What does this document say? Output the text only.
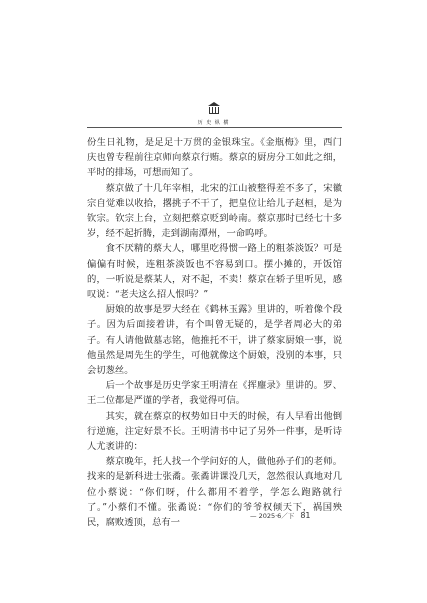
历 史 纵 横

份生日礼物，是足足十万贯的金银珠宝。《金瓶梅》里，西门庆也曾专程前往京师向蔡京行贿。蔡京的厨房分工如此之细，平时的排场，可想而知了。

蔡京做了十几年宰相，北宋的江山被整得差不多了，宋徽宗自觉难以收拾，撂挑子不干了，把皇位让给儿子赵桓，是为钦宗。钦宗上台，立刻把蔡京贬到岭南。蔡京那时已经七十多岁，经不起折腾，走到湖南潭州，一命呜呼。

食不厌精的蔡大人，哪里吃得惯一路上的粗茶淡饭？可是偏偏有时候，连粗茶淡饭也不容易到口。摆小摊的，开饭馆的，一听说是蔡某人，对不起，不卖！蔡京在轿子里听见，感叹说：“老夫这么招人恨吗？”

厨娘的故事是罗大经在《鹤林玉露》里讲的，听着像个段子。因为后面接着讲，有个叫曾无疑的，是学者周必大的弟子。有人请他做墓志铭，他推托不干，讲了蔡家厨娘一事，说他虽然是周先生的学生，可他就像这个厨娘，没别的本事，只会切葱丝。

后一个故事是历史学家王明清在《挥麈录》里讲的。罗、王二位都是严谨的学者，我觉得可信。

其实，就在蔡京的权势如日中天的时候，有人早看出他倒行逆施，注定好景不长。王明清书中记了另外一件事，是听诗人尤袤讲的：

蔡京晚年，托人找一个学问好的人，做他孙子们的老师。找来的是新科进士张矞。张矞讲课没几天，忽然很认真地对几位小蔡说：“你们呀，什么都用不着学，学怎么跑路就行了。”小蔡们不懂。张矞说：“你们的爷爷权倾天下，祸国殃民，腐败透顶，总有一

— 2025·6／下 81
